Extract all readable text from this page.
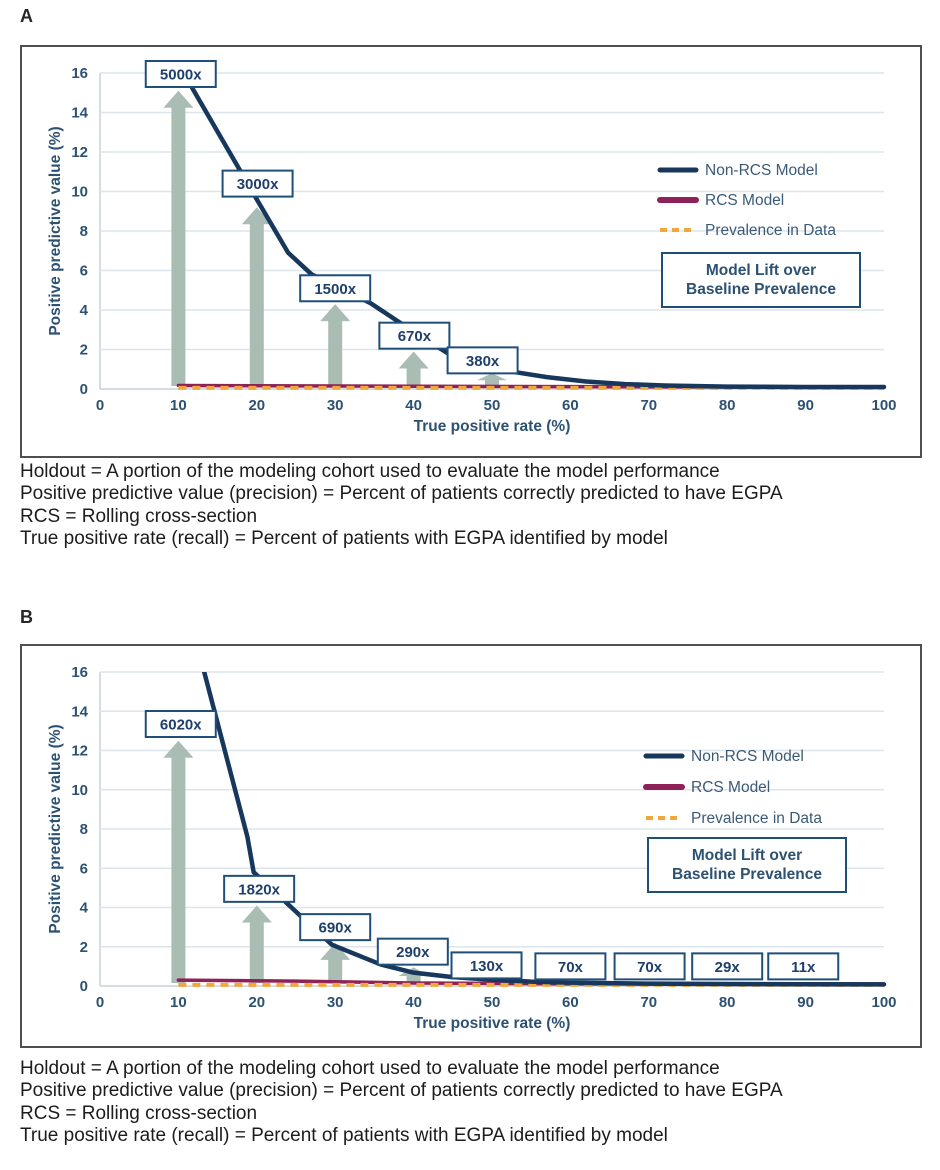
A
0
2
4
6
8
10
12
14
16
0	10	20	30	40	50	60	70	80	90	100
True positive rate (%)
Positive predictive value (%)
5000x
3000x
1500x
670x
380x
Non-RCS Model
RCS Model
Prevalence in Data
Model Lift over
Baseline Prevalence
Holdout = A portion of the modeling cohort used to evaluate the model performance
Positive predictive value (precision) = Percent of patients correctly predicted to have EGPA
RCS = Rolling cross-section
True positive rate (recall) = Percent of patients with EGPA identified by model
B
0
2
4
6
8
10
12
14
16
0	10	20	30	40	50	60	70	80	90	100
True positive rate (%)
Positive predictive value (%)	6020x
1820x
690x
290x
130x	70x	70x	29x	11x
Non-RCS Model
RCS Model
Prevalence in Data
Model Lift over
Baseline Prevalence
Holdout = A portion of the modeling cohort used to evaluate the model performance
Positive predictive value (precision) = Percent of patients correctly predicted to have EGPA
RCS = Rolling cross-section
True positive rate (recall) = Percent of patients with EGPA identified by model
